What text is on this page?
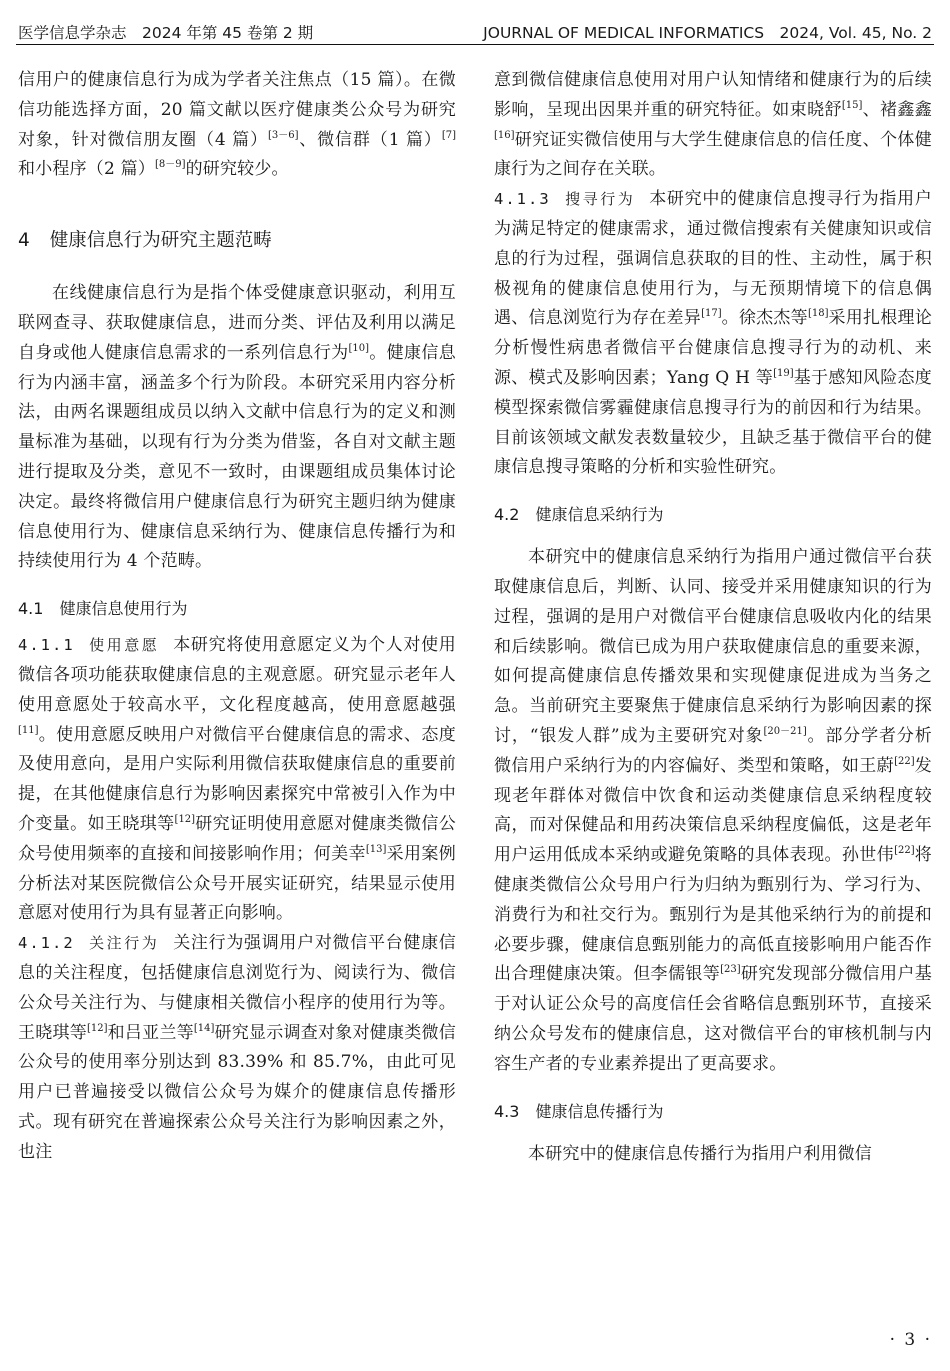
医学信息学杂志　2024 年第 45 卷第 2 期	JOURNAL OF MEDICAL INFORMATICS　2024, Vol. 45, No. 2

信用户的健康信息行为成为学者关注焦点（15 篇）。在微信功能选择方面，20 篇文献以医疗健康类公众号为研究对象，针对微信朋友圈（4 篇）[3－6]、微信群（1 篇）[7]和小程序（2 篇）[8－9]的研究较少。

4 健康信息行为研究主题范畴

在线健康信息行为是指个体受健康意识驱动，利用互联网查寻、获取健康信息，进而分类、评估及利用以满足自身或他人健康信息需求的一系列信息行为[10]。健康信息行为内涵丰富，涵盖多个行为阶段。本研究采用内容分析法，由两名课题组成员以纳入文献中信息行为的定义和测量标准为基础，以现有行为分类为借鉴，各自对文献主题进行提取及分类，意见不一致时，由课题组成员集体讨论决定。最终将微信用户健康信息行为研究主题归纳为健康信息使用行为、健康信息采纳行为、健康信息传播行为和持续使用行为 4 个范畴。

4.1 健康信息使用行为

4.1.1 使用意愿 本研究将使用意愿定义为个人对使用微信各项功能获取健康信息的主观意愿。研究显示老年人使用意愿处于较高水平，文化程度越高，使用意愿越强[11]。使用意愿反映用户对微信平台健康信息的需求、态度及使用意向，是用户实际利用微信获取健康信息的重要前提，在其他健康信息行为影响因素探究中常被引入作为中介变量。如王晓琪等[12]研究证明使用意愿对健康类微信公众号使用频率的直接和间接影响作用；何美幸[13]采用案例分析法对某医院微信公众号开展实证研究，结果显示使用意愿对使用行为具有显著正向影响。

4.1.2 关注行为 关注行为强调用户对微信平台健康信息的关注程度，包括健康信息浏览行为、阅读行为、微信公众号关注行为、与健康相关微信小程序的使用行为等。王晓琪等[12]和吕亚兰等[14]研究显示调查对象对健康类微信公众号的使用率分别达到 83.39% 和 85.7%，由此可见用户已普遍接受以微信公众号为媒介的健康信息传播形式。现有研究在普遍探索公众号关注行为影响因素之外，也注

意到微信健康信息使用对用户认知情绪和健康行为的后续影响，呈现出因果并重的研究特征。如束晓舒[15]、褚鑫鑫[16]研究证实微信使用与大学生健康信息的信任度、个体健康行为之间存在关联。

4.1.3 搜寻行为 本研究中的健康信息搜寻行为指用户为满足特定的健康需求，通过微信搜索有关健康知识或信息的行为过程，强调信息获取的目的性、主动性，属于积极视角的健康信息使用行为，与无预期情境下的信息偶遇、信息浏览行为存在差异[17]。徐杰杰等[18]采用扎根理论分析慢性病患者微信平台健康信息搜寻行为的动机、来源、模式及影响因素；Yang Q H 等[19]基于感知风险态度模型探索微信雾霾健康信息搜寻行为的前因和行为结果。目前该领域文献发表数量较少，且缺乏基于微信平台的健康信息搜寻策略的分析和实验性研究。

4.2 健康信息采纳行为

本研究中的健康信息采纳行为指用户通过微信平台获取健康信息后，判断、认同、接受并采用健康知识的行为过程，强调的是用户对微信平台健康信息吸收内化的结果和后续影响。微信已成为用户获取健康信息的重要来源，如何提高健康信息传播效果和实现健康促进成为当务之急。当前研究主要聚焦于健康信息采纳行为影响因素的探讨，“银发人群”成为主要研究对象[20－21]。部分学者分析微信用户采纳行为的内容偏好、类型和策略，如王蔚[22]发现老年群体对微信中饮食和运动类健康信息采纳程度较高，而对保健品和用药决策信息采纳程度偏低，这是老年用户运用低成本采纳或避免策略的具体表现。孙世伟[22]将健康类微信公众号用户行为归纳为甄别行为、学习行为、消费行为和社交行为。甄别行为是其他采纳行为的前提和必要步骤，健康信息甄别能力的高低直接影响用户能否作出合理健康决策。但李儒银等[23]研究发现部分微信用户基于对认证公众号的高度信任会省略信息甄别环节，直接采纳公众号发布的健康信息，这对微信平台的审核机制与内容生产者的专业素养提出了更高要求。

4.3 健康信息传播行为

本研究中的健康信息传播行为指用户利用微信

· 3 ·
